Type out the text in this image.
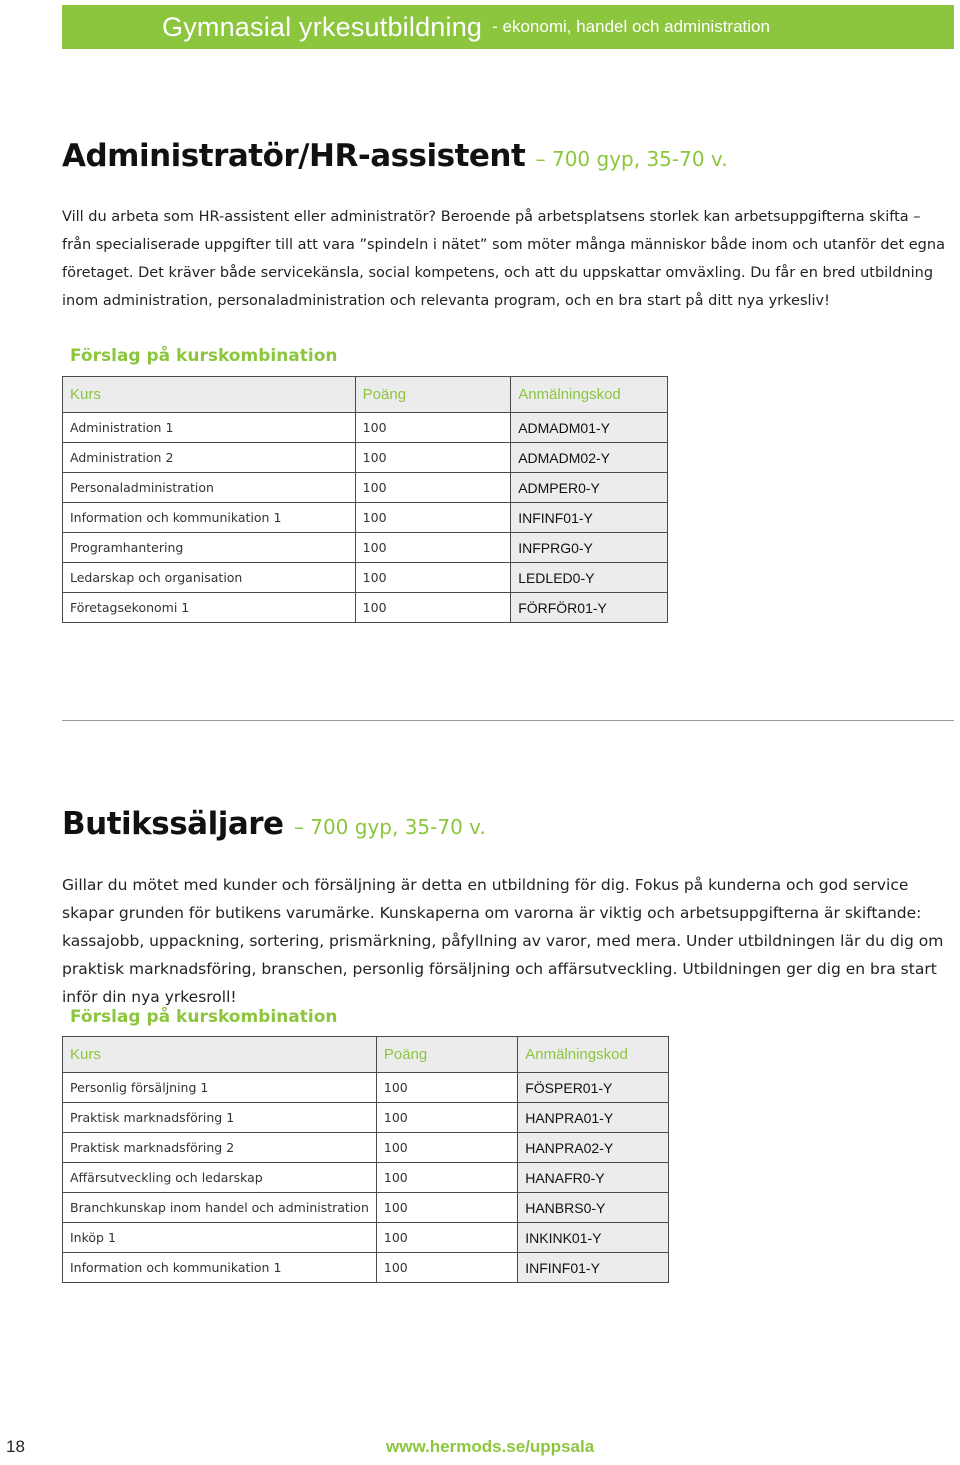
Gymnasial yrkesutbildning - ekonomi, handel och administration
Administratör/HR-assistent – 700 gyp, 35-70 v.

Vill du arbeta som HR-assistent eller administratör? Beroende på arbetsplatsens storlek kan arbetsuppgifterna skifta – från specialiserade uppgifter till att vara ”spindeln i nätet” som möter många människor både inom och utanför det egna företaget. Det kräver både servicekänsla, social kompetens, och att du uppskattar omväxling. Du får en bred utbildning inom administration, personaladministration och relevanta program, och en bra start på ditt nya yrkesliv!

Förslag på kurskombination
Kurs	Poäng	Anmälningskod
Administration 1	100	ADMADM01-Y
Administration 2	100	ADMADM02-Y
Personaladministration	100	ADMPER0-Y
Information och kommunikation 1	100	INFINF01-Y
Programhantering	100	INFPRG0-Y
Ledarskap och organisation	100	LEDLED0-Y
Företagsekonomi 1	100	FÖRFÖR01-Y
Butikssäljare – 700 gyp, 35-70 v.

Gillar du mötet med kunder och försäljning är detta en utbildning för dig. Fokus på kunderna och god service skapar grunden för butikens varumärke. Kunskaperna om varorna är viktig och arbetsuppgifterna är skiftande: kassajobb, uppackning, sortering, prismärkning, påfyllning av varor, med mera. Under utbildningen lär du dig om praktisk marknadsföring, branschen, personlig försäljning och affärsutveckling. Utbildningen ger dig en bra start inför din nya yrkesroll!

Förslag på kurskombination
Kurs	Poäng	Anmälningskod
Personlig försäljning 1	100	FÖSPER01-Y
Praktisk marknadsföring 1	100	HANPRA01-Y
Praktisk marknadsföring 2	100	HANPRA02-Y
Affärsutveckling och ledarskap	100	HANAFR0-Y
Branchkunskap inom handel och administration	100	HANBRS0-Y
Inköp 1	100	INKINK01-Y
Information och kommunikation 1	100	INFINF01-Y
18	www.hermods.se/uppsala
